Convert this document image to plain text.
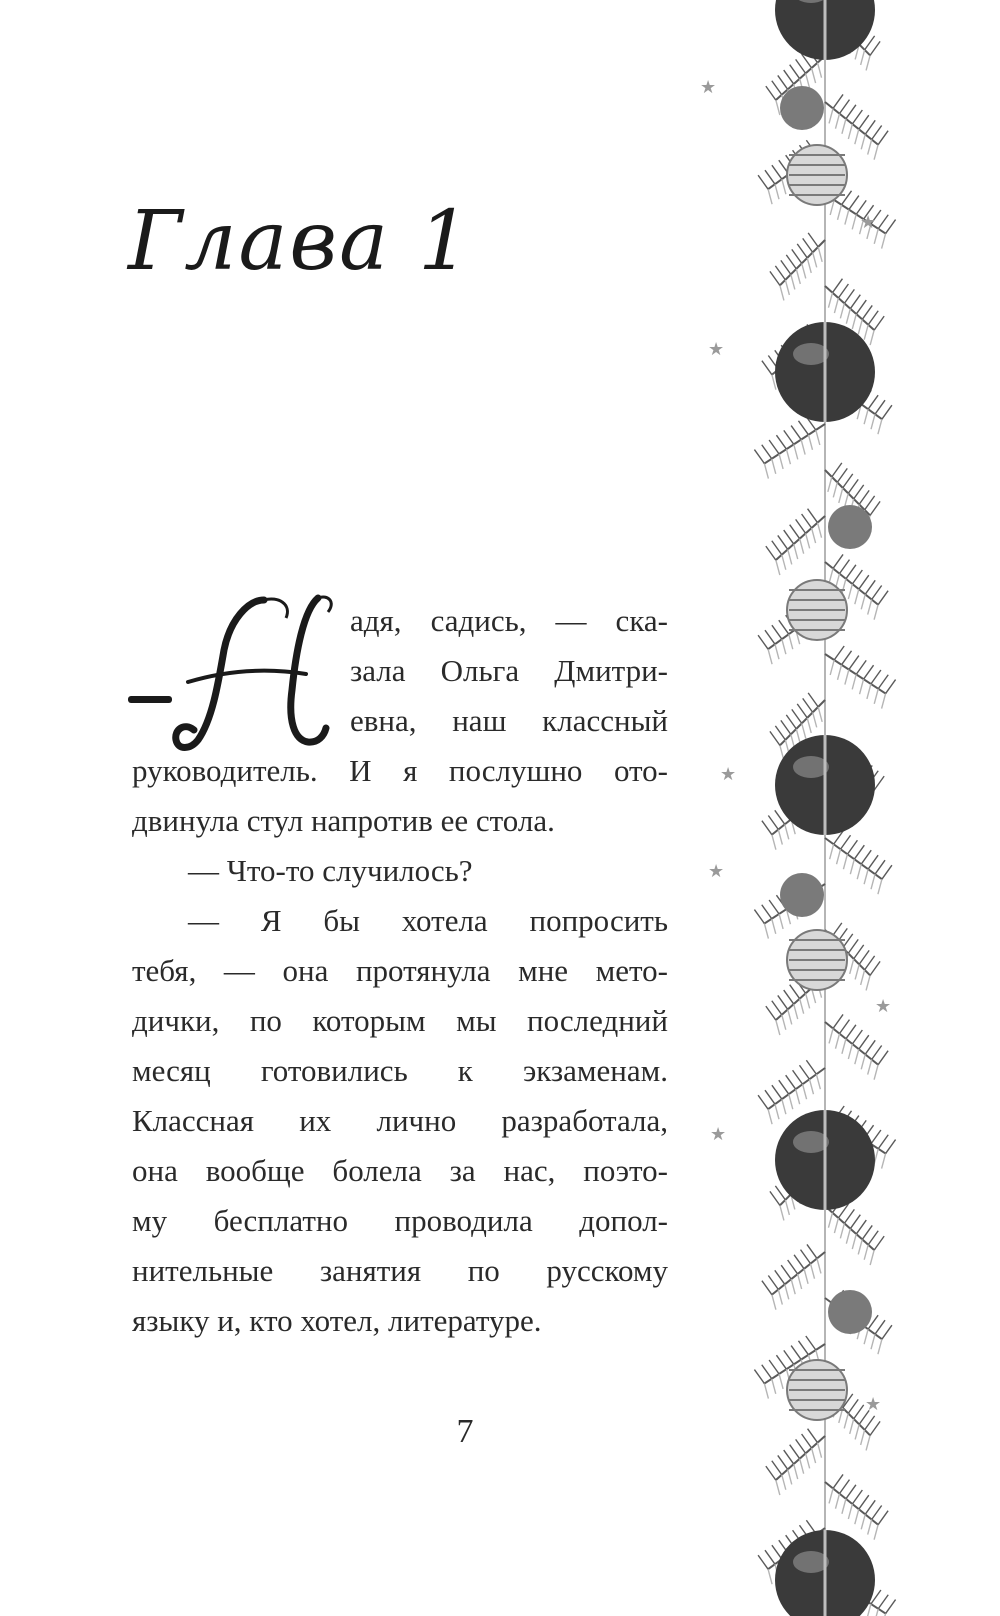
Глава 1
адя, садись, — ска-
зала Ольга Дмитри-
евна, наш классный
руководитель. И я послушно ото-
двинула стул напротив ее стола.
— Что-то случилось?
— Я бы хотела попросить
тебя, — она протянула мне мето-
дички, по которым мы последний
месяц готовились к экзаменам.
Классная их лично разработала,
она вообще болела за нас, поэто-
му бесплатно проводила допол-
нительные занятия по русскому
языку и, кто хотел, литературе.
7
★
★
★
★
★
★
★
★
